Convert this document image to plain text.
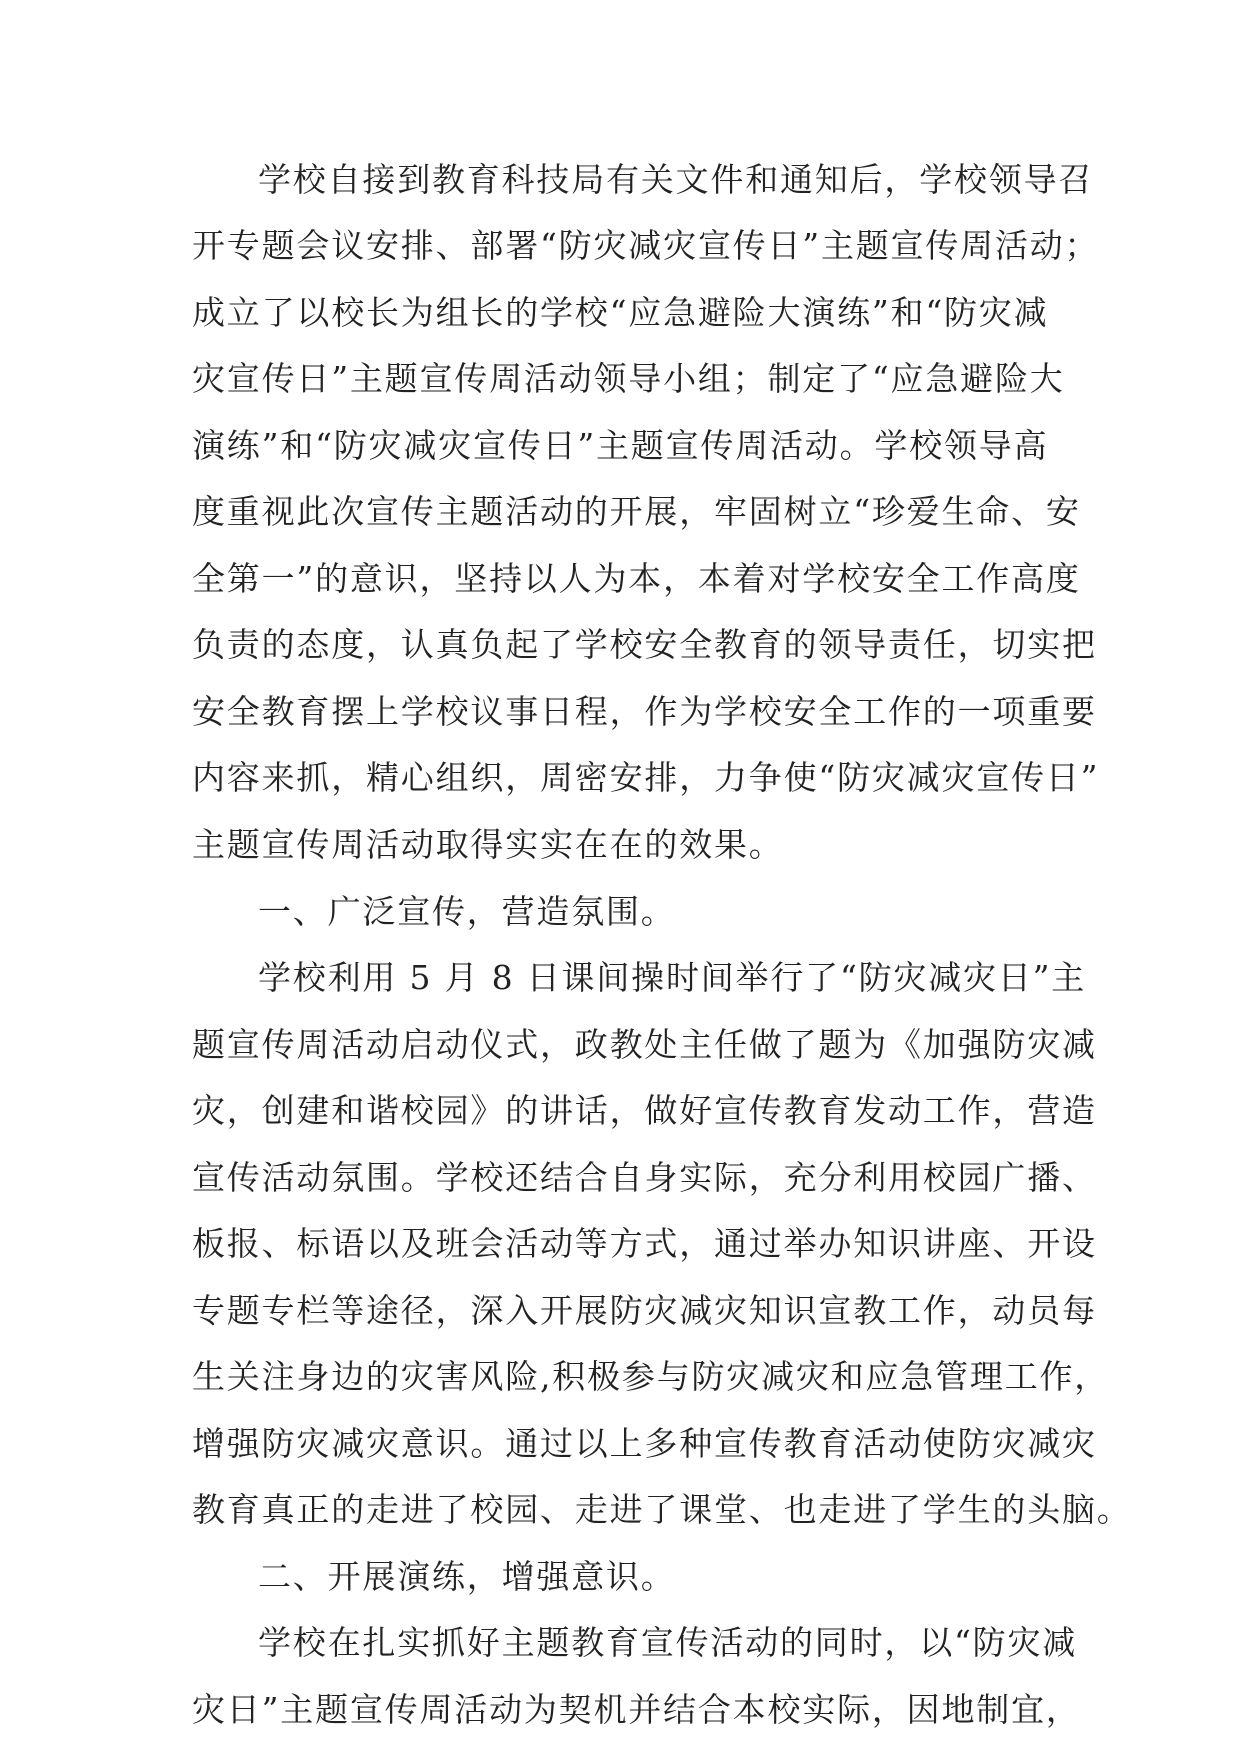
学校自接到教育科技局有关文件和通知后，学校领导召
开专题会议安排、部署“防灾减灾宣传日”主题宣传周活动；
成立了以校长为组长的学校“应急避险大演练”和“防灾减
灾宣传日”主题宣传周活动领导小组；制定了“应急避险大
演练”和“防灾减灾宣传日”主题宣传周活动。学校领导高
度重视此次宣传主题活动的开展，牢固树立“珍爱生命、安
全第一”的意识，坚持以人为本，本着对学校安全工作高度
负责的态度，认真负起了学校安全教育的领导责任，切实把
安全教育摆上学校议事日程，作为学校安全工作的一项重要
内容来抓，精心组织，周密安排，力争使“防灾减灾宣传日”
主题宣传周活动取得实实在在的效果。
一、广泛宣传，营造氛围。
学校利用 5 月 8 日课间操时间举行了“防灾减灾日”主
题宣传周活动启动仪式，政教处主任做了题为《加强防灾减
灾，创建和谐校园》的讲话，做好宣传教育发动工作，营造
宣传活动氛围。学校还结合自身实际，充分利用校园广播、
板报、标语以及班会活动等方式，通过举办知识讲座、开设
专题专栏等途径，深入开展防灾减灾知识宣教工作，动员每
生关注身边的灾害风险,积极参与防灾减灾和应急管理工作，
增强防灾减灾意识。通过以上多种宣传教育活动使防灾减灾
教育真正的走进了校园、走进了课堂、也走进了学生的头脑。
二、开展演练，增强意识。
学校在扎实抓好主题教育宣传活动的同时，以“防灾减
灾日”主题宣传周活动为契机并结合本校实际，因地制宜，
